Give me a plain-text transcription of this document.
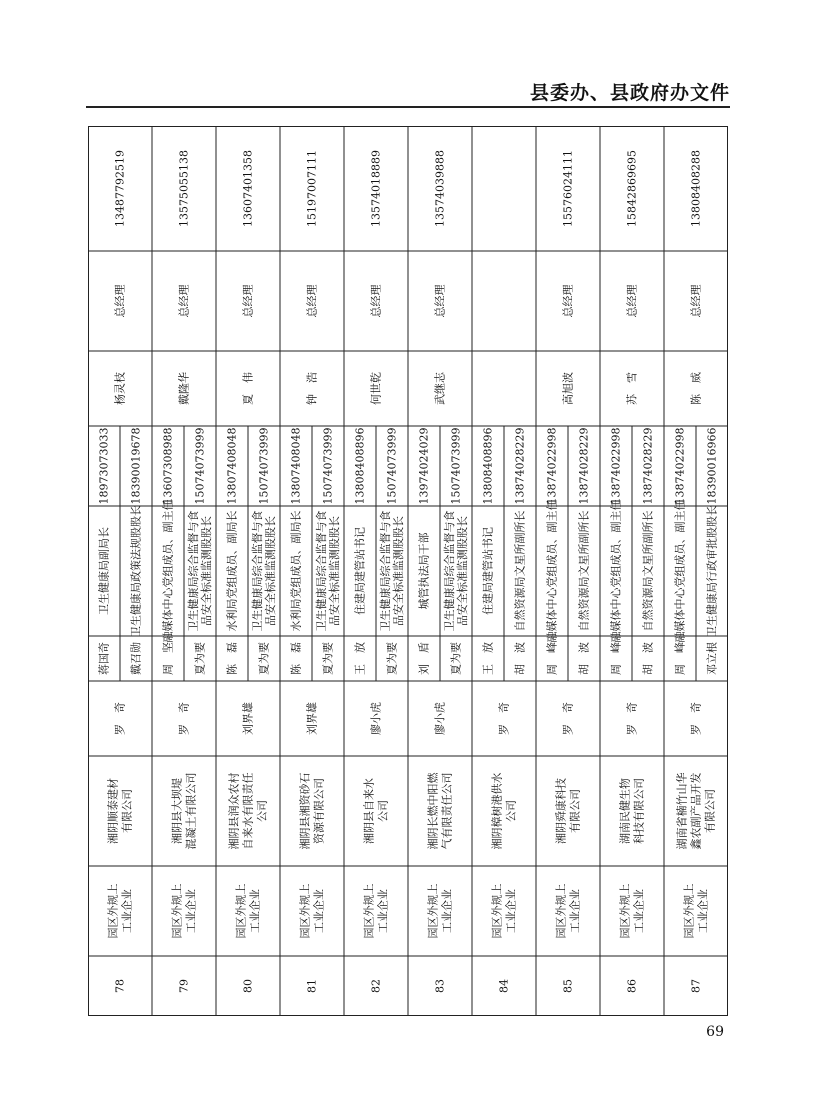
县委办、县政府办文件
78
园区外规上 工业企业
湘阴顺泰建材 有限公司
罗　奇
蒋国奇
卫生健康局副局长
18973073033
戴召勋
卫生健康局政策法规股股长
18390019678
杨灵枝
总经理
13487792519
79
园区外规上 工业企业
湘阴县大坝堤 混凝土有限公司
罗　奇
周　坚
融媒体中心党组成员、副主任
13607308988
夏为要
卫生健康局综合监督与食 品安全标准监测股股长
15074073999
戴隆华
总经理
13575055138
80
园区外规上 工业企业
湘阴县润众农村 自来水有限责任 公司
刘界雄
陈　磊
水利局党组成员、副局长
13807408048
夏为要
卫生健康局综合监督与食 品安全标准监测股股长
15074073999
夏　伟
总经理
13607401358
81
园区外规上 工业企业
湘阴县湘资砂石 资源有限公司
刘界雄
陈　磊
水利局党组成员、副局长
13807408048
夏为要
卫生健康局综合监督与食 品安全标准监测股股长
15074073999
钟　浩
总经理
15197007111
82
园区外规上 工业企业
湘阴县自来水 公司
廖小虎
王　放
住建局建管站书记
13808408896
夏为要
卫生健康局综合监督与食 品安全标准监测股股长
15074073999
何世乾
总经理
13574018889
83
园区外规上 工业企业
湘阴长燃中阳燃 气有限责任公司
廖小虎
刘　盾
城管执法局干部
13974024029
夏为要
卫生健康局综合监督与食 品安全标准监测股股长
15074073999
武继志
总经理
13574039888
84
园区外规上 工业企业
湘阴樟树港供水 公司
罗　奇
王　放
住建局建管站书记
13808408896
胡　波
自然资源局文星所副所长
13874028229
85
园区外规上 工业企业
湘阴舜康科技 有限公司
罗　奇
周　峰
融媒体中心党组成员、副主任
13874022998
胡　波
自然资源局文星所副所长
13874028229
高旭波
总经理
15576024111
86
园区外规上 工业企业
湖南民健生物 科技有限公司
罗　奇
周　峰
融媒体中心党组成员、副主任
13874022998
胡　波
自然资源局文星所副所长
13874028229
苏　雪
总经理
15842869695
87
园区外规上 工业企业
湖南省楠竹山华 鑫农副产品开发 有限公司
罗　奇
周　峰
融媒体中心党组成员、副主任
13874022998
邓立根
卫生健康局行政审批股股长
18390016966
陈　威
总经理
13808408288
69
